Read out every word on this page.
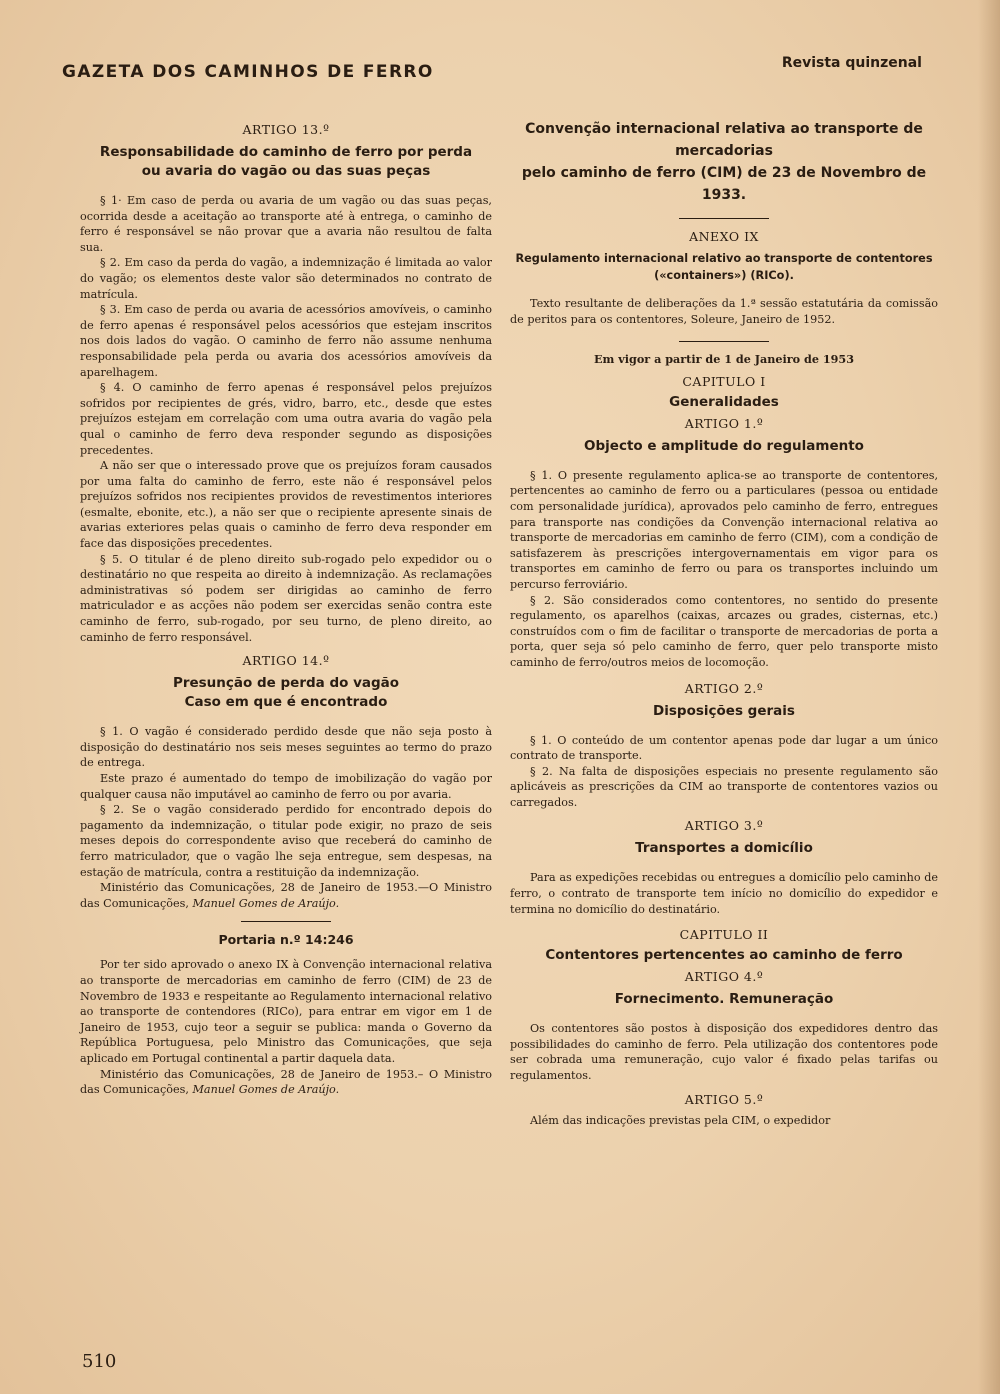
GAZETA DOS CAMINHOS DE FERRO	Revista quinzenal
ARTIGO 13.º
Responsabilidade do caminho de ferro por perda
ou avaria do vagão ou das suas peças

§ 1· Em caso de perda ou avaria de um vagão ou das suas peças, ocorrida desde a aceitação ao transporte até à entrega, o caminho de ferro é responsável se não provar que a avaria não resultou de falta sua.

§ 2. Em caso da perda do vagão, a indemnização é limitada ao valor do vagão; os elementos deste valor são determinados no contrato de matrícula.

§ 3. Em caso de perda ou avaria de acessórios amovíveis, o caminho de ferro apenas é responsável pelos acessórios que estejam inscritos nos dois lados do vagão. O caminho de ferro não assume nenhuma responsabilidade pela perda ou avaria dos acessórios amovíveis da aparelhagem.

§ 4. O caminho de ferro apenas é responsável pelos prejuízos sofridos por recipientes de grés, vidro, barro, etc., desde que estes prejuízos estejam em correlação com uma outra avaria do vagão pela qual o caminho de ferro deva responder segundo as disposições precedentes.

A não ser que o interessado prove que os prejuízos foram causados por uma falta do caminho de ferro, este não é responsável pelos prejuízos sofridos nos recipientes providos de revestimentos interiores (esmalte, ebonite, etc.), a não ser que o recipiente apresente sinais de avarias exteriores pelas quais o caminho de ferro deva responder em face das disposições precedentes.

§ 5. O titular é de pleno direito sub-rogado pelo expedidor ou o destinatário no que respeita ao direito à indemnização. As reclamações administrativas só podem ser dirigidas ao caminho de ferro matriculador e as acções não podem ser exercidas senão contra este caminho de ferro, sub-rogado, por seu turno, de pleno direito, ao caminho de ferro responsável.

ARTIGO 14.º
Presunção de perda do vagão
Caso em que é encontrado

§ 1. O vagão é considerado perdido desde que não seja posto à disposição do destinatário nos seis meses seguintes ao termo do prazo de entrega.

Este prazo é aumentado do tempo de imobilização do vagão por qualquer causa não imputável ao caminho de ferro ou por avaria.

§ 2. Se o vagão considerado perdido for encontrado depois do pagamento da indemnização, o titular pode exigir, no prazo de seis meses depois do correspondente aviso que receberá do caminho de ferro matriculador, que o vagão lhe seja entregue, sem despesas, na estação de matrícula, contra a restituição da indemnização.

Ministério das Comunicações, 28 de Janeiro de 1953.—O Ministro das Comunicações, Manuel Gomes de Araújo.

Portaria n.º 14:246

Por ter sido aprovado o anexo IX à Convenção internacional relativa ao transporte de mercadorias em caminho de ferro (CIM) de 23 de Novembro de 1933 e respeitante ao Regulamento internacional relativo ao transporte de contendores (RICo), para entrar em vigor em 1 de Janeiro de 1953, cujo teor a seguir se publica: manda o Governo da República Portuguesa, pelo Ministro das Comunicações, que seja aplicado em Portugal continental a partir daquela data.

Ministério das Comunicações, 28 de Janeiro de 1953.– O Ministro das Comunicações, Manuel Gomes de Araújo.

Convenção internacional relativa ao transporte de mercadorias
pelo caminho de ferro (CIM) de 23 de Novembro de 1933.
ANEXO IX
Regulamento internacional relativo ao transporte de contentores
(«containers») (RICo).

Texto resultante de deliberações da 1.ª sessão estatutária da comissão de peritos para os contentores, Soleure, Janeiro de 1952.

Em vigor a partir de 1 de Janeiro de 1953

CAPITULO I
Generalidades
ARTIGO 1.º
Objecto e amplitude do regulamento

§ 1. O presente regulamento aplica-se ao transporte de contentores, pertencentes ao caminho de ferro ou a particulares (pessoa ou entidade com personalidade jurídica), aprovados pelo caminho de ferro, entregues para transporte nas condições da Convenção internacional relativa ao transporte de mercadorias em caminho de ferro (CIM), com a condição de satisfazerem às prescrições intergovernamentais em vigor para os transportes em caminho de ferro ou para os transportes incluindo um percurso ferroviário.

§ 2. São considerados como contentores, no sentido do presente regulamento, os aparelhos (caixas, arcazes ou grades, cisternas, etc.) construídos com o fim de facilitar o transporte de mercadorias de porta a porta, quer seja só pelo caminho de ferro, quer pelo transporte misto caminho de ferro/outros meios de locomoção.

ARTIGO 2.º
Disposições gerais

§ 1. O conteúdo de um contentor apenas pode dar lugar a um único contrato de transporte.

§ 2. Na falta de disposições especiais no presente regulamento são aplicáveis as prescrições da CIM ao transporte de contentores vazios ou carregados.

ARTIGO 3.º
Transportes a domicílio

Para as expedições recebidas ou entregues a domicílio pelo caminho de ferro, o contrato de transporte tem início no domicílio do expedidor e termina no domicílio do destinatário.

CAPITULO II
Contentores pertencentes ao caminho de ferro
ARTIGO 4.º
Fornecimento. Remuneração

Os contentores são postos à disposição dos expedidores dentro das possibilidades do caminho de ferro. Pela utilização dos contentores pode ser cobrada uma remuneração, cujo valor é fixado pelas tarifas ou regulamentos.

ARTIGO 5.º

Além das indicações previstas pela CIM, o expedidor

510
